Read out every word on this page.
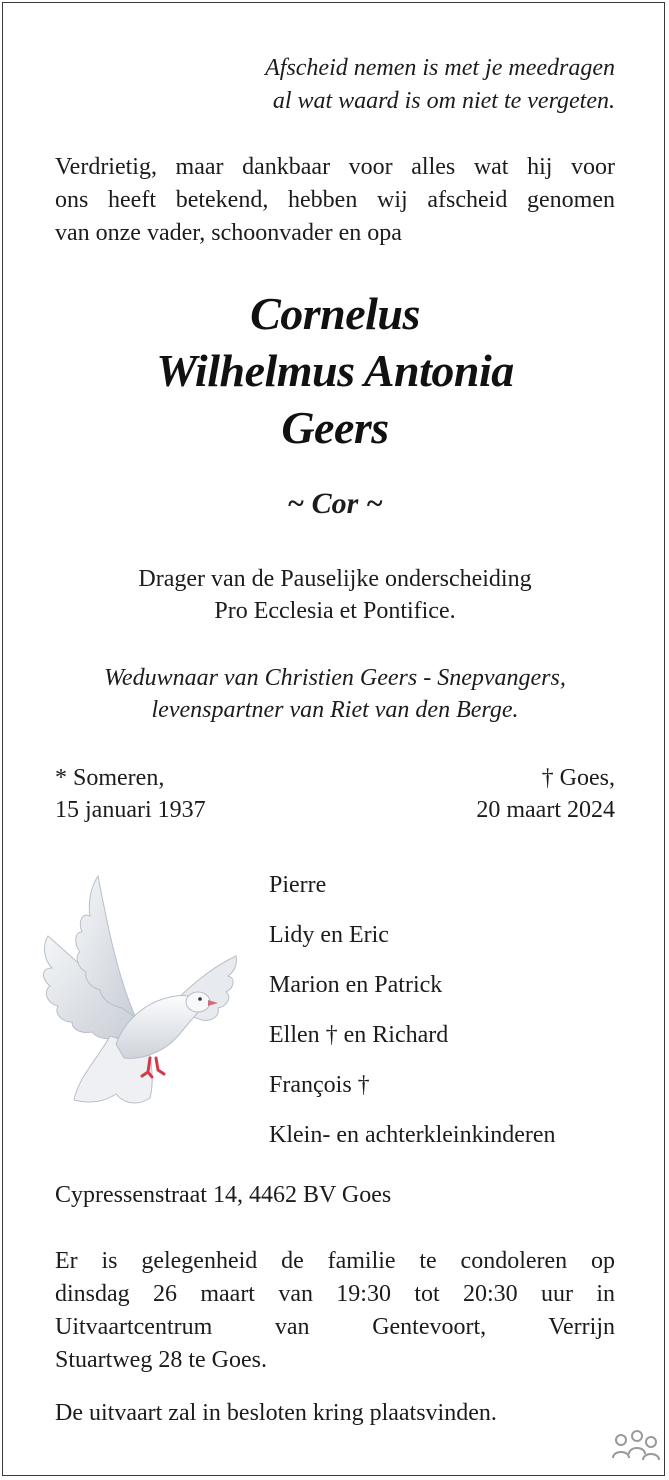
Afscheid nemen is met je meedragen
al wat waard is om niet te vergeten.
Verdrietig, maar dankbaar voor alles wat hij voor
ons heeft betekend, hebben wij afscheid genomen
van onze vader, schoonvader en opa
Cornelus
Wilhelmus Antonia
Geers
~ Cor ~
Drager van de Pauselijke onderscheiding
Pro Ecclesia et Pontifice.
Weduwnaar van Christien Geers - Snepvangers,
levenspartner van Riet van den Berge.
* Someren,
15 januari 1937
† Goes,
20 maart 2024
Pierre
Lidy en Eric
Marion en Patrick
Ellen † en Richard
François †
Klein- en achterkleinkinderen
Cypressenstraat 14, 4462 BV Goes
Er is gelegenheid de familie te condoleren op
dinsdag 26 maart van 19:30 tot 20:30 uur in
Uitvaartcentrum van Gentevoort, Verrijn
Stuartweg 28 te Goes.
De uitvaart zal in besloten kring plaatsvinden.
